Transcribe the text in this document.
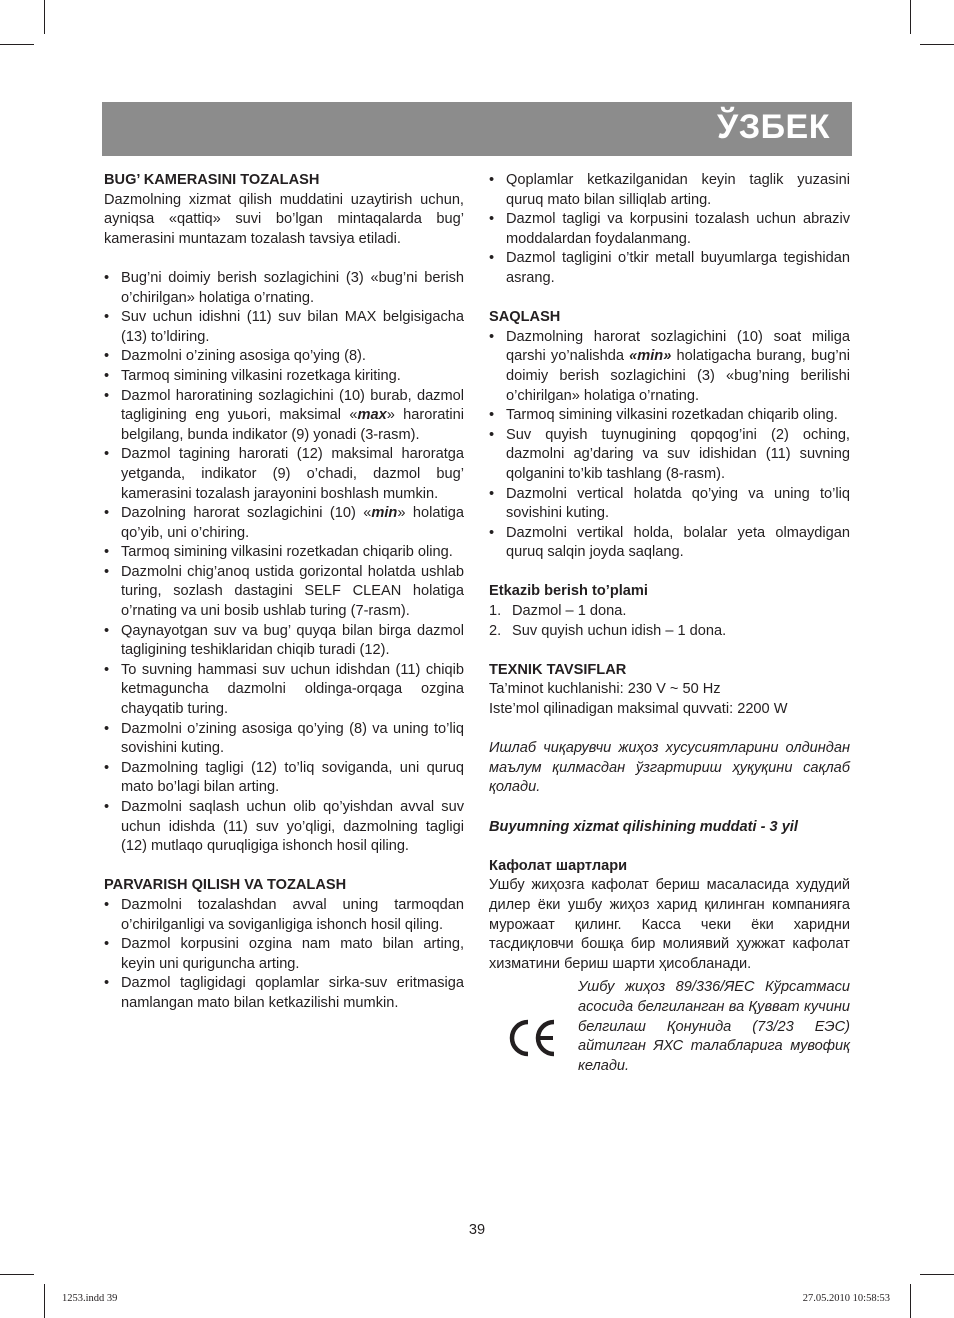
ЎЗБЕК

BUG’ KAMERASINI TOZALASH

Dazmolning xizmat qilish muddatini uzaytirish uchun, ayniqsa «qattiq» suvi bo’lgan mintaqalarda bug’ kamerasini muntazam tozalash tavsiya etiladi.

• Bug’ni doimiy berish sozlagichini (3) «bug’ni berish o’chirilgan» holatiga o’rnating.
• Suv uchun idishni (11) suv bilan MAX belgisigacha (13) to’ldiring.
• Dazmolni o’zining asosiga qo’ying (8).
• Tarmoq simining vilkasini rozetkaga kiriting.
• Dazmol haroratining sozlagichini (10) burab, dazmol tagligining eng yuьori, maksimal «max» haroratini belgilang, bunda indikator (9) yonadi (3-rasm).
• Dazmol tagining harorati (12) maksimal haroratga yetganda, indikator (9) o’chadi, dazmol bug’ kamerasini tozalash jarayonini boshlash mumkin.
• Dazolning harorat sozlagichini (10) «min» holatiga qo’yib, uni o’chiring.
• Tarmoq simining vilkasini rozetkadan chiqarib oling.
• Dazmolni chig’anoq ustida gorizontal holatda ushlab turing, sozlash dastagini SELF CLEAN holatiga o’rnating va uni bosib ushlab turing (7-rasm).
• Qaynayotgan suv va bug’ quyqa bilan birga dazmol tagligining teshiklaridan chiqib turadi (12).
• To suvning hammasi suv uchun idishdan (11) chiqib ketmaguncha dazmolni oldinga-orqaga ozgina chayqatib turing.
• Dazmolni o’zining asosiga qo’ying (8) va uning to’liq sovishini kuting.
• Dazmolning tagligi (12) to’liq soviganda, uni quruq mato bo’lagi bilan arting.
• Dazmolni saqlash uchun olib qo’yishdan avval suv uchun idishda (11) suv yo’qligi, dazmolning tagligi (12) mutlaqo quruqligiga ishonch hosil qiling.

PARVARISH QILISH VA TOZALASH

• Dazmolni tozalashdan avval uning tarmoqdan o’chirilganligi va soviganligiga ishonch hosil qiling.
• Dazmol korpusini ozgina nam mato bilan arting, keyin uni qurigunchа arting.
• Dazmol tagligidagi qoplamlar sirka-suv eritmasiga namlangan mato bilan ketkazilishi mumkin.
• Qoplamlar ketkazilganidan keyin taglik yuzasini quruq mato bilan silliqlab arting.
• Dazmol tagligi va korpusini tozalash uchun abraziv moddalardan foydalanmang.
• Dazmol tagligini o’tkir metall buyumlarga tegishidan asrang.

SAQLASH

• Dazmolning harorat sozlagichini (10) soat miliga qarshi yo’nalishda «min» holatigacha burang, bug’ni doimiy berish sozlagichini (3) «bug’ning berilishi o’chirilgan» holatiga o’rnating.
• Tarmoq simining vilkasini rozetkadan chiqarib oling.
• Suv quyish tuynugining qopqog’ini (2) oching, dazmolni ag’daring va suv idishidan (11) suvning qolganini to’kib tashlang (8-rasm).
• Dazmolni vertical holatda qo’ying va uning to’liq sovishini kuting.
• Dazmolni vertikal holda, bolalar yeta olmaydigan quruq salqin joyda saqlang.

Etkazib berish to’plami

1. Dazmol – 1 dona.
2. Suv quyish uchun idish – 1 dona.

TEXNIK TAVSIFLAR

Ta’minot kuchlanishi: 230 V ~ 50 Hz

Iste’mol qilinadigan maksimal quvvati: 2200 W

Ишлаб чиқарувчи жиҳоз хусусиятларини олдиндан маълум қилмасдан ўзгартириш ҳуқуқини сақлаб қолади.

Buyumning xizmat qilishining muddati - 3 yil

Кафолат шартлари

Ушбу жиҳозга кафолат бериш масаласида худудий дилер ёки ушбу жиҳоз харид қилинган компанияга мурожаат қилинг. Касса чеки ёки харидни тасдиқловчи бошқа бир молиявий ҳужжат кафолат хизматини бериш шарти ҳисобланади.

Ушбу жиҳоз 89/336/ЯЕС Кўрсатмаси асосида белгиланган ва Қувват кучини белгилаш Қонунида (73/23 ЕЭС) айтилган ЯХС талабларига мувофиқ келади.

39
1253.indd 39	27.05.2010 10:58:53
